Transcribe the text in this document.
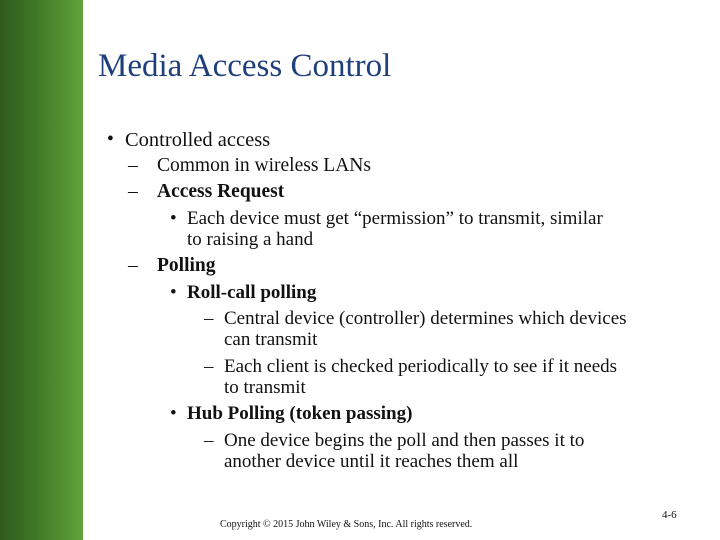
Media Access Control
• Controlled access
– Common in wireless LANs
– Access Request
• Each device must get “permission” to transmit, similar
to raising a hand
– Polling
• Roll-call polling
– Central device (controller) determines which devices
can transmit
– Each client is checked periodically to see if it needs
to transmit
• Hub Polling (token passing)
– One device begins the poll and then passes it to
another device until it reaches them all
Copyright © 2015 John Wiley & Sons, Inc. All rights reserved.
4-6
